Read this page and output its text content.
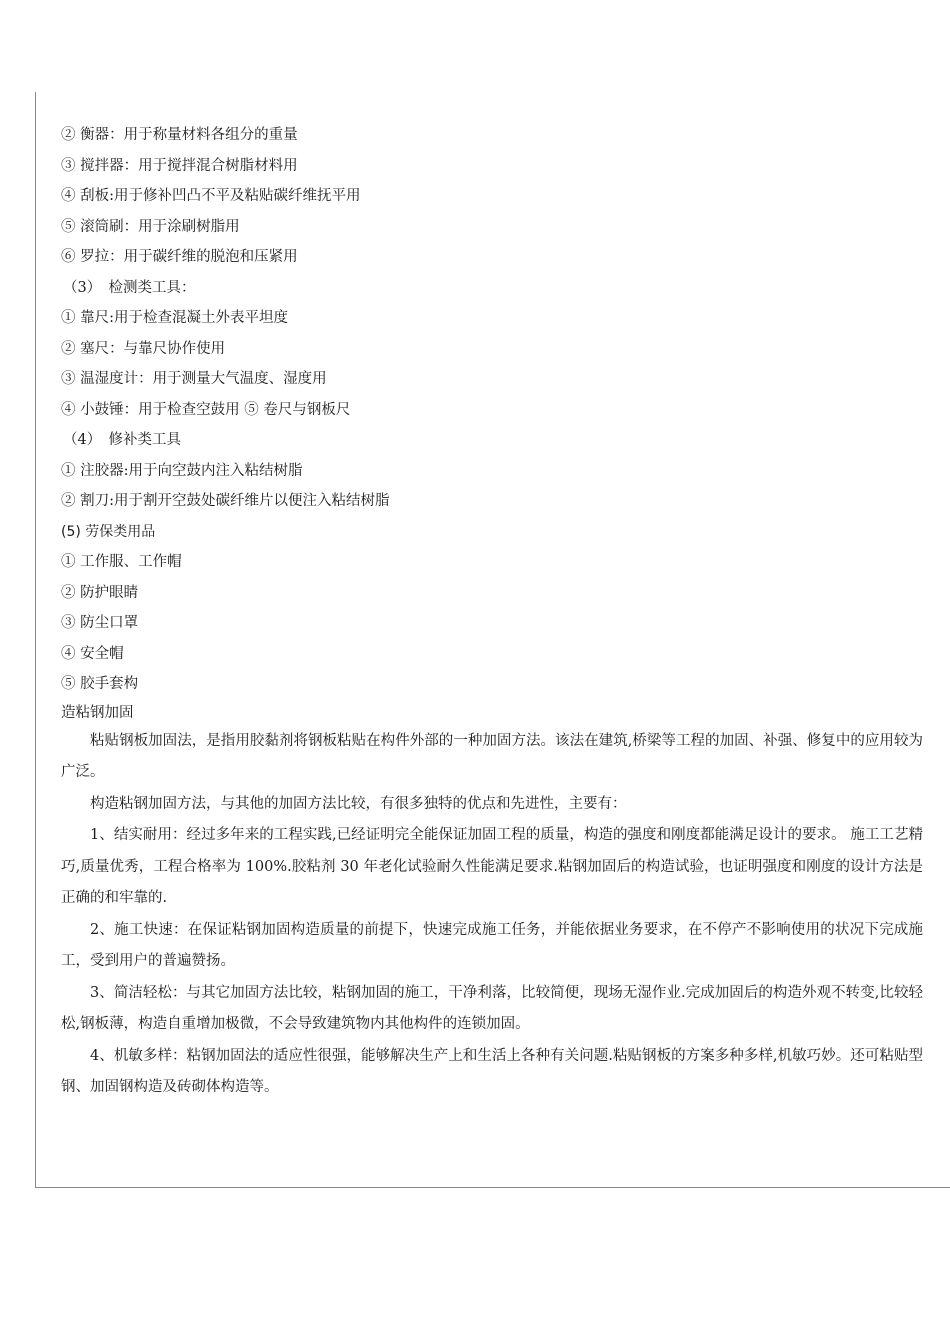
② 衡器：用于称量材料各组分的重量
③ 搅拌器：用于搅拌混合树脂材料用
④ 刮板:用于修补凹凸不平及粘贴碳纤维抚平用
⑤ 滚筒刷：用于涂刷树脂用
⑥ 罗拉：用于碳纤维的脱泡和压紧用
（3）　检测类工具：
① 靠尺:用于检查混凝土外表平坦度
② 塞尺：与靠尺协作使用
③ 温湿度计：用于测量大气温度、湿度用
④ 小鼓锤：用于检查空鼓用 ⑤ 卷尺与钢板尺
（4）　修补类工具
① 注胶器:用于向空鼓内注入粘结树脂
② 割刀:用于割开空鼓处碳纤维片以便注入粘结树脂
(5) 劳保类用品
① 工作服、工作帽
② 防护眼睛
③ 防尘口罩
④ 安全帽
⑤ 胶手套构
造粘钢加固

粘贴钢板加固法，是指用胶黏剂将钢板粘贴在构件外部的一种加固方法。该法在建筑,桥梁等工程的加固、补强、修复中的应用较为广泛。

构造粘钢加固方法，与其他的加固方法比较，有很多独特的优点和先进性，主要有：

1、结实耐用：经过多年来的工程实践,已经证明完全能保证加固工程的质量，构造的强度和刚度都能满足设计的要求。 施工工艺精巧,质量优秀，工程合格率为 100%.胶粘剂 30 年老化试验耐久性能满足要求.粘钢加固后的构造试验，也证明强度和刚度的设计方法是正确的和牢靠的.

2、施工快速：在保证粘钢加固构造质量的前提下，快速完成施工任务，并能依据业务要求，在不停产不影响使用的状况下完成施工，受到用户的普遍赞扬。

3、简洁轻松：与其它加固方法比较，粘钢加固的施工，干净利落，比较简便，现场无湿作业.完成加固后的构造外观不转变,比较轻松,钢板薄，构造自重增加极微，不会导致建筑物内其他构件的连锁加固。

4、机敏多样：粘钢加固法的适应性很强，能够解决生产上和生活上各种有关问题.粘贴钢板的方案多种多样,机敏巧妙。还可粘贴型钢、加固钢构造及砖砌体构造等。
